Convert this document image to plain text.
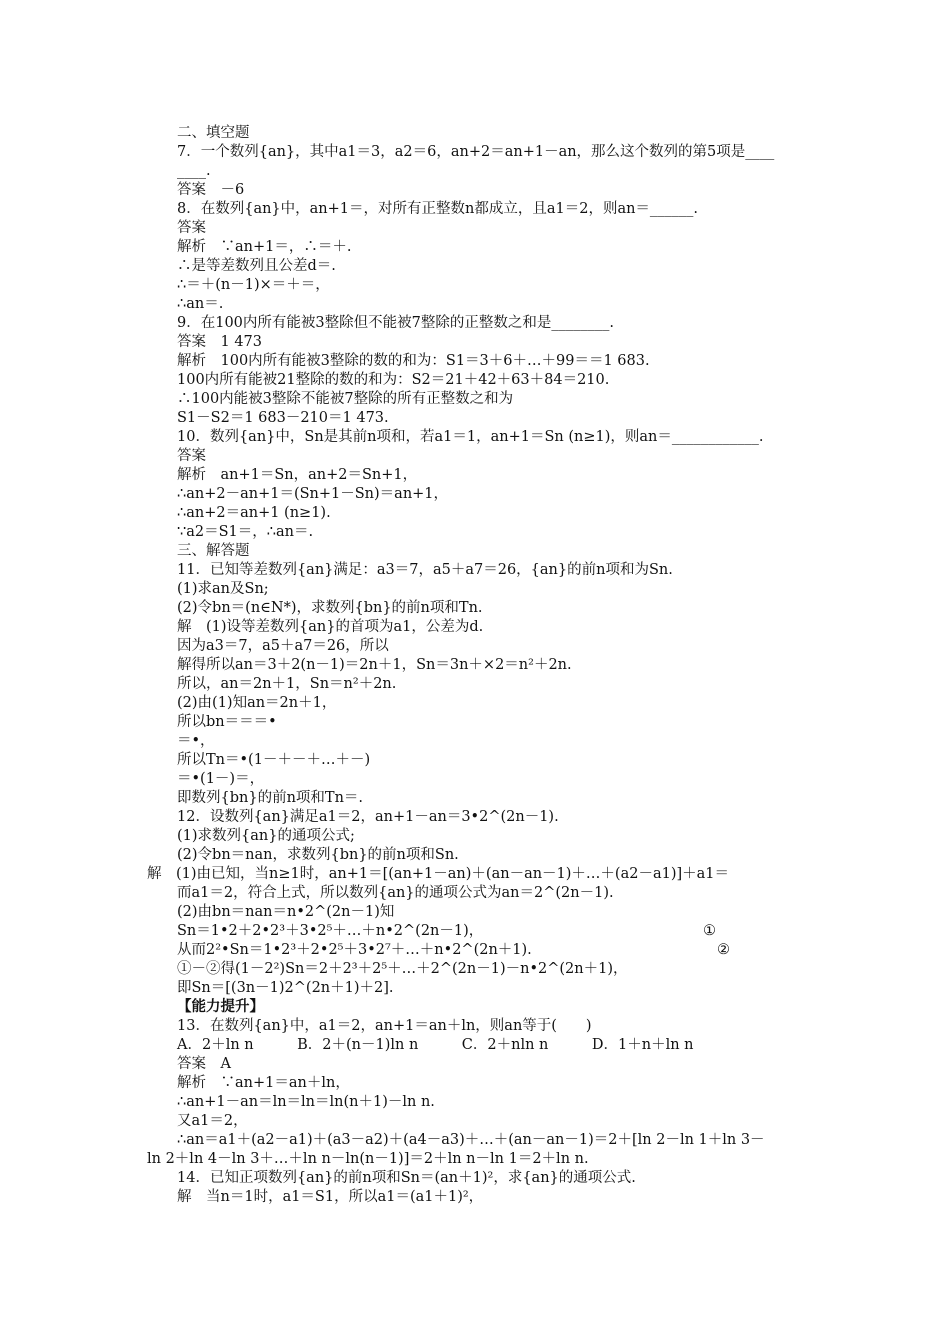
二、填空题
7．一个数列{an}，其中a1＝3，a2＝6，an+2＝an+1－an，那么这个数列的第5项是____
____.
答案　－6
8．在数列{an}中，an+1＝，对所有正整数n都成立，且a1＝2，则an＝______.
答案
解析　∵an+1＝，∴＝＋.
∴是等差数列且公差d＝.
∴＝＋(n－1)×＝＋＝，
∴an＝.
9．在100内所有能被3整除但不能被7整除的正整数之和是________.
答案　1 473
解析　100内所有能被3整除的数的和为：S1＝3＋6＋…＋99＝＝1 683.
100内所有能被21整除的数的和为：S2＝21＋42＋63＋84＝210.
∴100内能被3整除不能被7整除的所有正整数之和为
S1－S2＝1 683－210＝1 473.
10．数列{an}中，Sn是其前n项和，若a1＝1，an+1＝Sn (n≥1)，则an＝____________.
答案
解析　an+1＝Sn，an+2＝Sn+1，
∴an+2－an+1＝(Sn+1－Sn)＝an+1，
∴an+2＝an+1 (n≥1).
∵a2＝S1＝，∴an＝.
三、解答题
11．已知等差数列{an}满足：a3＝7，a5＋a7＝26，{an}的前n项和为Sn.
(1)求an及Sn;
(2)令bn＝(n∈N*)，求数列{bn}的前n项和Tn.
解　(1)设等差数列{an}的首项为a1，公差为d.
因为a3＝7，a5＋a7＝26，所以
解得所以an＝3＋2(n－1)＝2n＋1，Sn＝3n＋×2＝n²＋2n.
所以，an＝2n＋1，Sn＝n²＋2n.
(2)由(1)知an＝2n＋1，
所以bn＝＝＝•
＝•，
所以Tn＝•(1－＋－＋…＋－)
＝•(1－)＝，
即数列{bn}的前n项和Tn＝.
12．设数列{an}满足a1＝2，an+1－an＝3•2^(2n－1).
(1)求数列{an}的通项公式;
(2)令bn＝nan，求数列{bn}的前n项和Sn.
解　(1)由已知，当n≥1时，an+1＝[(an+1－an)＋(an－an－1)＋…＋(a2－a1)]＋a1＝
而a1＝2，符合上式，所以数列{an}的通项公式为an＝2^(2n－1).
(2)由bn＝nan＝n•2^(2n－1)知
Sn＝1•2＋2•2³＋3•2⁵＋…＋n•2^(2n－1)，	①
从而2²•Sn＝1•2³＋2•2⁵＋3•2⁷＋…＋n•2^(2n＋1).	②
①－②得(1－2²)Sn＝2＋2³＋2⁵＋…＋2^(2n－1)－n•2^(2n＋1)，
即Sn＝[(3n－1)2^(2n＋1)＋2].
【能力提升】
13．在数列{an}中，a1＝2，an+1＝an＋ln，则an等于(　　)
A．2＋ln n　　　B．2＋(n－1)ln n　　　C．2＋nln n　　　D．1＋n＋ln n
答案　A
解析　∵an+1＝an＋ln，
∴an+1－an＝ln＝ln＝ln(n＋1)－ln n.
又a1＝2，
∴an＝a1＋(a2－a1)＋(a3－a2)＋(a4－a3)＋…＋(an－an－1)＝2＋[ln 2－ln 1＋ln 3－
ln 2＋ln 4－ln 3＋…＋ln n－ln(n－1)]＝2＋ln n－ln 1＝2＋ln n.
14．已知正项数列{an}的前n项和Sn＝(an＋1)²，求{an}的通项公式.
解　当n＝1时，a1＝S1，所以a1＝(a1＋1)²，
